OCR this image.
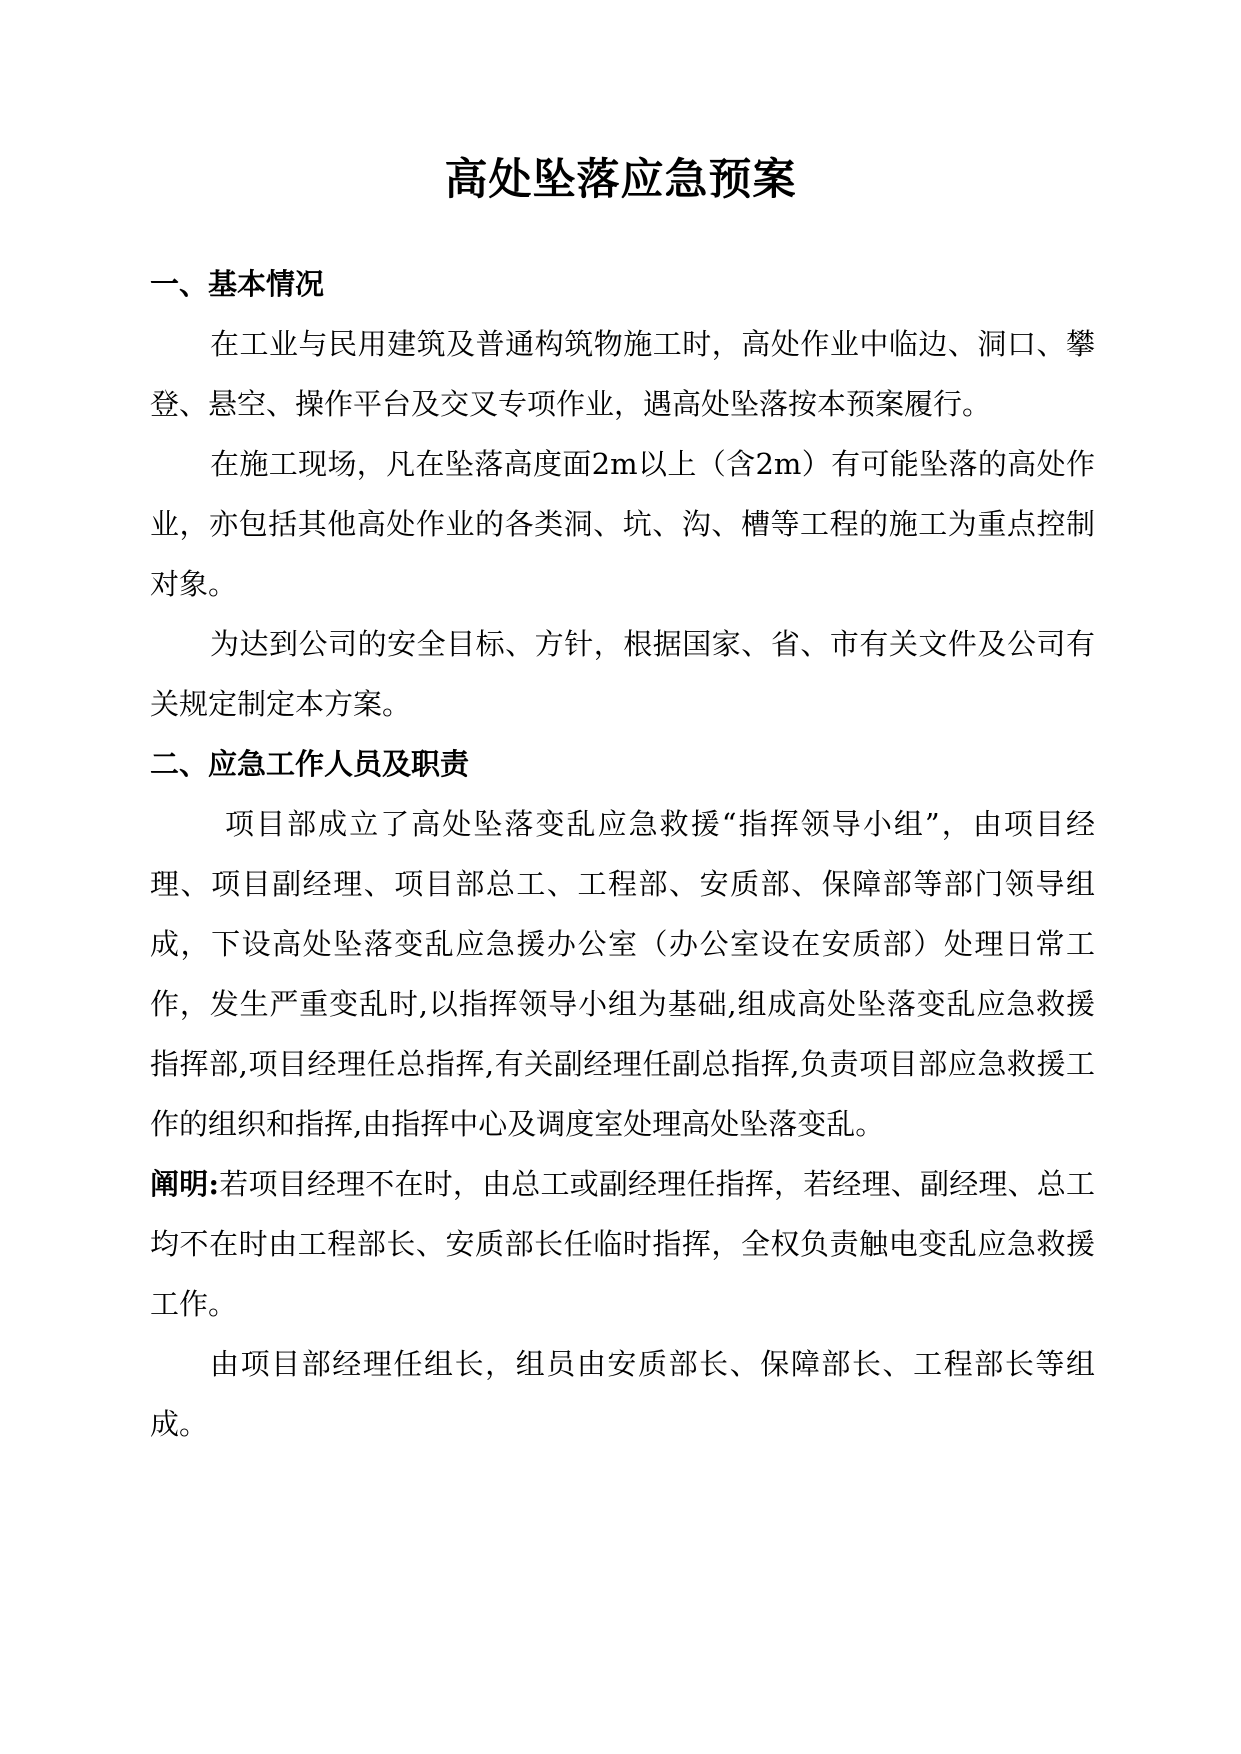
高处坠落应急预案
一、基本情况

在工业与民用建筑及普通构筑物施工时，高处作业中临边、洞口、攀登、悬空、操作平台及交叉专项作业，遇高处坠落按本预案履行。

在施工现场，凡在坠落高度面2m以上（含2m）有可能坠落的高处作业，亦包括其他高处作业的各类洞、坑、沟、槽等工程的施工为重点控制对象。

为达到公司的安全目标、方针，根据国家、省、市有关文件及公司有关规定制定本方案。

二、应急工作人员及职责

项目部成立了高处坠落变乱应急救援“指挥领导小组”，由项目经理、项目副经理、项目部总工、工程部、安质部、保障部等部门领导组成，下设高处坠落变乱应急援办公室（办公室设在安质部）处理日常工作，发生严重变乱时,以指挥领导小组为基础,组成高处坠落变乱应急救援指挥部,项目经理任总指挥,有关副经理任副总指挥,负责项目部应急救援工作的组织和指挥,由指挥中心及调度室处理高处坠落变乱。

阐明:若项目经理不在时，由总工或副经理任指挥，若经理、副经理、总工均不在时由工程部长、安质部长任临时指挥，全权负责触电变乱应急救援工作。

由项目部经理任组长，组员由安质部长、保障部长、工程部长等组成。
